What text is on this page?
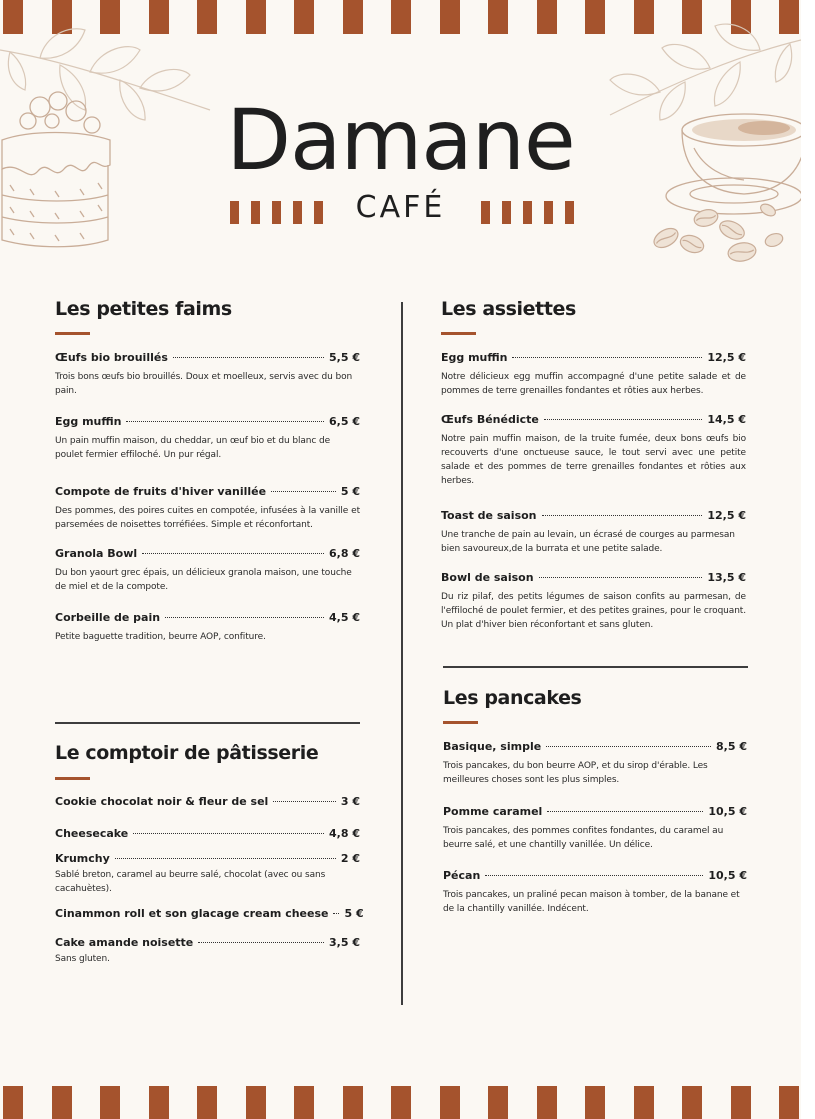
Damane
CAFÉ
Les petites faims
Œufs bio brouillés	5,5 €
Trois bons œufs bio brouillés. Doux et moelleux, servis avec du bon pain.
Egg muffin	6,5 €
Un pain muffin maison, du cheddar, un œuf bio et du blanc de poulet fermier effiloché. Un pur régal.
Compote de fruits d'hiver vanillée	5 €
Des pommes, des poires cuites en compotée, infusées à la vanille et parsemées de noisettes torréfiées. Simple et réconfortant.
Granola Bowl	6,8 €
Du bon yaourt grec épais, un délicieux granola maison, une touche de miel et de la compote.
Corbeille de pain	4,5 €
Petite baguette tradition, beurre AOP, confiture.
Le comptoir de pâtisserie
Cookie chocolat noir & fleur de sel	3 €
Cheesecake	4,8 €
Krumchy	2 €
Sablé breton, caramel au beurre salé, chocolat (avec ou sans cacahuètes).
Cinammon roll et son glacage cream cheese 5 €
Cake amande noisette	3,5 €
Sans gluten.
Les assiettes
Egg muffin	12,5 €
Notre délicieux egg muffin accompagné d'une petite salade et de pommes de terre grenailles fondantes et rôties aux herbes.
Œufs Bénédicte	14,5 €
Notre pain muffin maison, de la truite fumée, deux bons œufs bio recouverts d'une onctueuse sauce, le tout servi avec une petite salade et des pommes de terre grenailles fondantes et rôties aux herbes.
Toast de saison	12,5 €
Une tranche de pain au levain, un écrasé de courges au parmesan bien savoureux,de la burrata et une petite salade.
Bowl de saison	13,5 €
Du riz pilaf, des petits légumes de saison confits au parmesan, de l'effiloché de poulet fermier, et des petites graines, pour le croquant. Un plat d'hiver bien réconfortant et sans gluten.
Les pancakes
Basique, simple	8,5 €
Trois pancakes, du bon beurre AOP, et du sirop d'érable. Les meilleures choses sont les plus simples.
Pomme caramel	10,5 €
Trois pancakes, des pommes confites fondantes, du caramel au beurre salé, et une chantilly vanillée. Un délice.
Pécan	10,5 €
Trois pancakes, un praliné pecan maison à tomber, de la banane et de la chantilly vanillée. Indécent.
